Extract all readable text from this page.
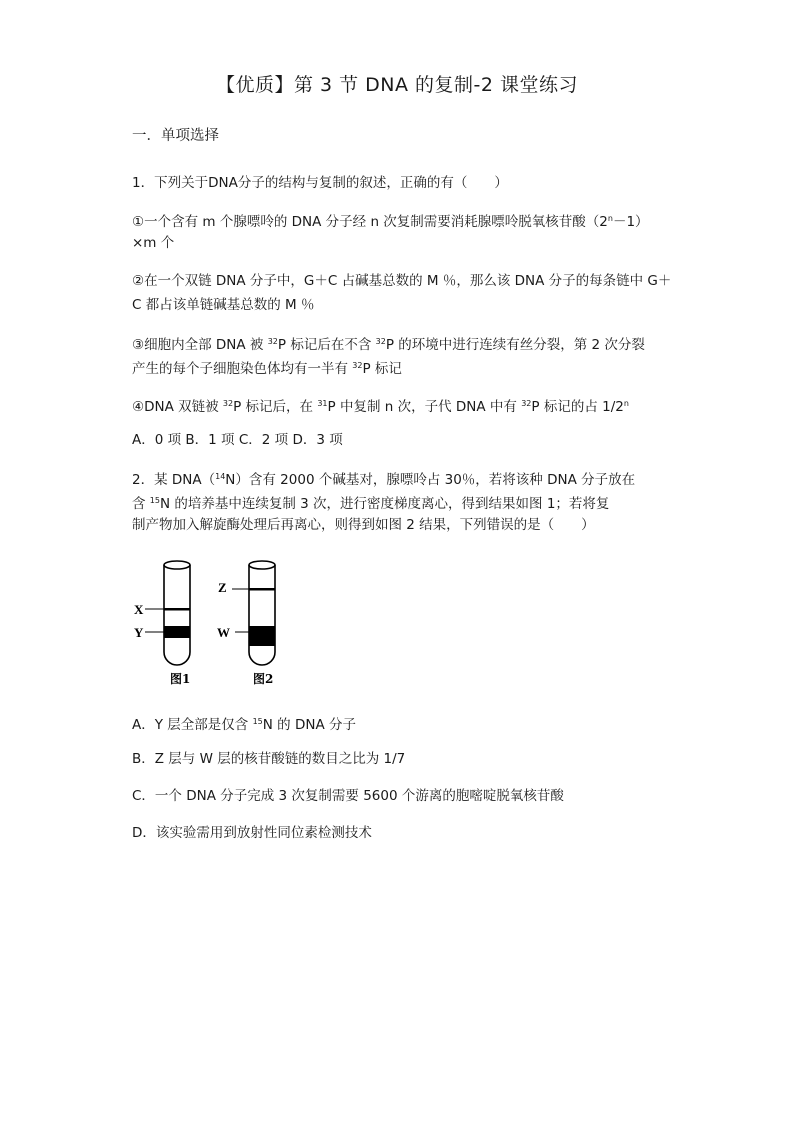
【优质】第 3 节 DNA 的复制-2 课堂练习
一．单项选择
1．下列关于DNA分子的结构与复制的叙述，正确的有（　　）
①一个含有 m 个腺嘌呤的 DNA 分子经 n 次复制需要消耗腺嘌呤脱氧核苷酸$(2^n-1)$
×m 个
②在一个双链 DNA 分子中，G＋C 占碱基总数的 M ％，那么该 DNA 分子的每条链中 G＋
C 都占该单链碱基总数的 M ％
③细胞内全部 DNA 被 $^{32}$P 标记后在不含 $^{32}$P 的环境中进行连续有丝分裂，第 2 次分裂
产生的每个子细胞染色体均有一半有 $^{32}$P 标记
④DNA 双链被 $^{32}$P 标记后，在 $^{31}$P 中复制 n 次，子代 DNA 中有 $^{32}$P 标记的占 1/2$^n$
A．0 项 B．1 项 C．2 项 D．3 项
2．某 DNA（$^{14}$N）含有 2000 个碱基对，腺嘌呤占 30％，若将该种 DNA 分子放在
含 $^{15}$N 的培养基中连续复制 3 次，进行密度梯度离心，得到结果如图 1；若将复
制产物加入解旋酶处理后再离心，则得到如图 2 结果，下列错误的是（　　）
X
Y
图1
Z
W
图2
A．Y 层全部是仅含 $^{15}$N 的 DNA 分子
B．Z 层与 W 层的核苷酸链的数目之比为 1/7
C．一个 DNA 分子完成 3 次复制需要 5600 个游离的胞嘧啶脱氧核苷酸
D．该实验需用到放射性同位素检测技术
